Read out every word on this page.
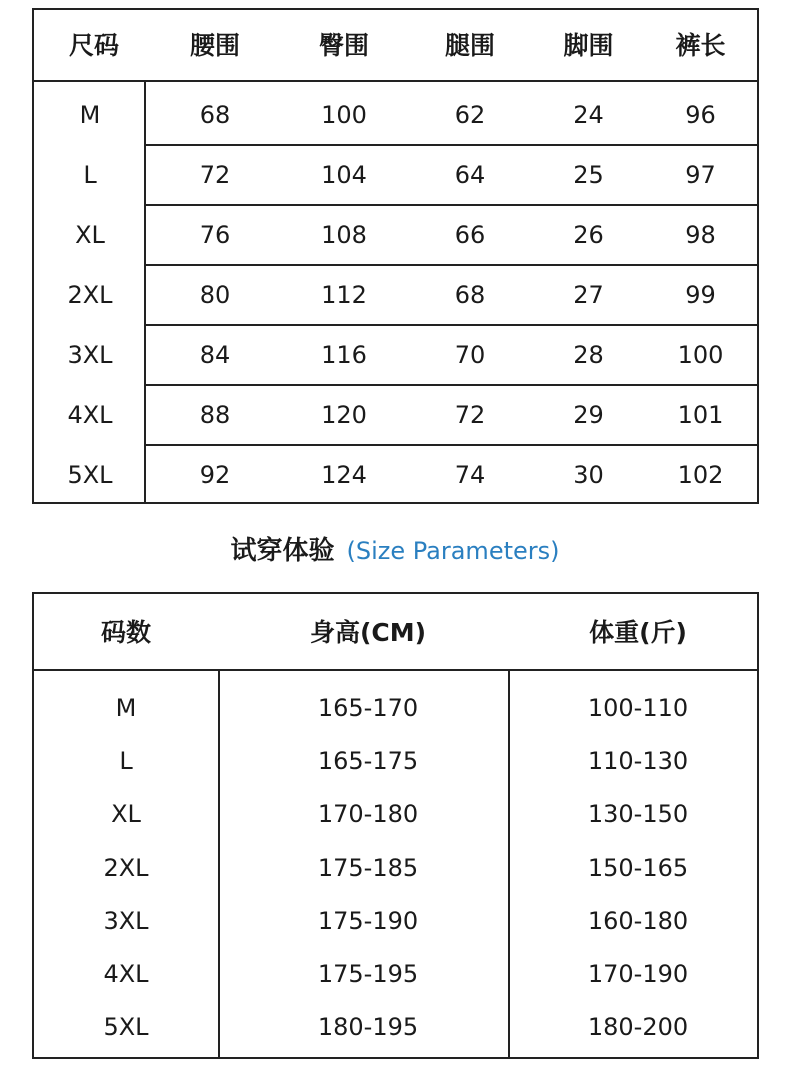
尺码	腰围	臀围	腿围	脚围	裤长
M	68	100	62	24	96
L	72	104	64	25	97
XL	76	108	66	26	98
2XL	80	112	68	27	99
3XL	84	116	70	28	100
4XL	88	120	72	29	101
5XL	92	124	74	30	102
试穿体验 (Size Parameters)
码数	身高(CM)	体重(斤)
M	165-170	100-110
L	165-175	110-130
XL	170-180	130-150
2XL	175-185	150-165
3XL	175-190	160-180
4XL	175-195	170-190
5XL	180-195	180-200
